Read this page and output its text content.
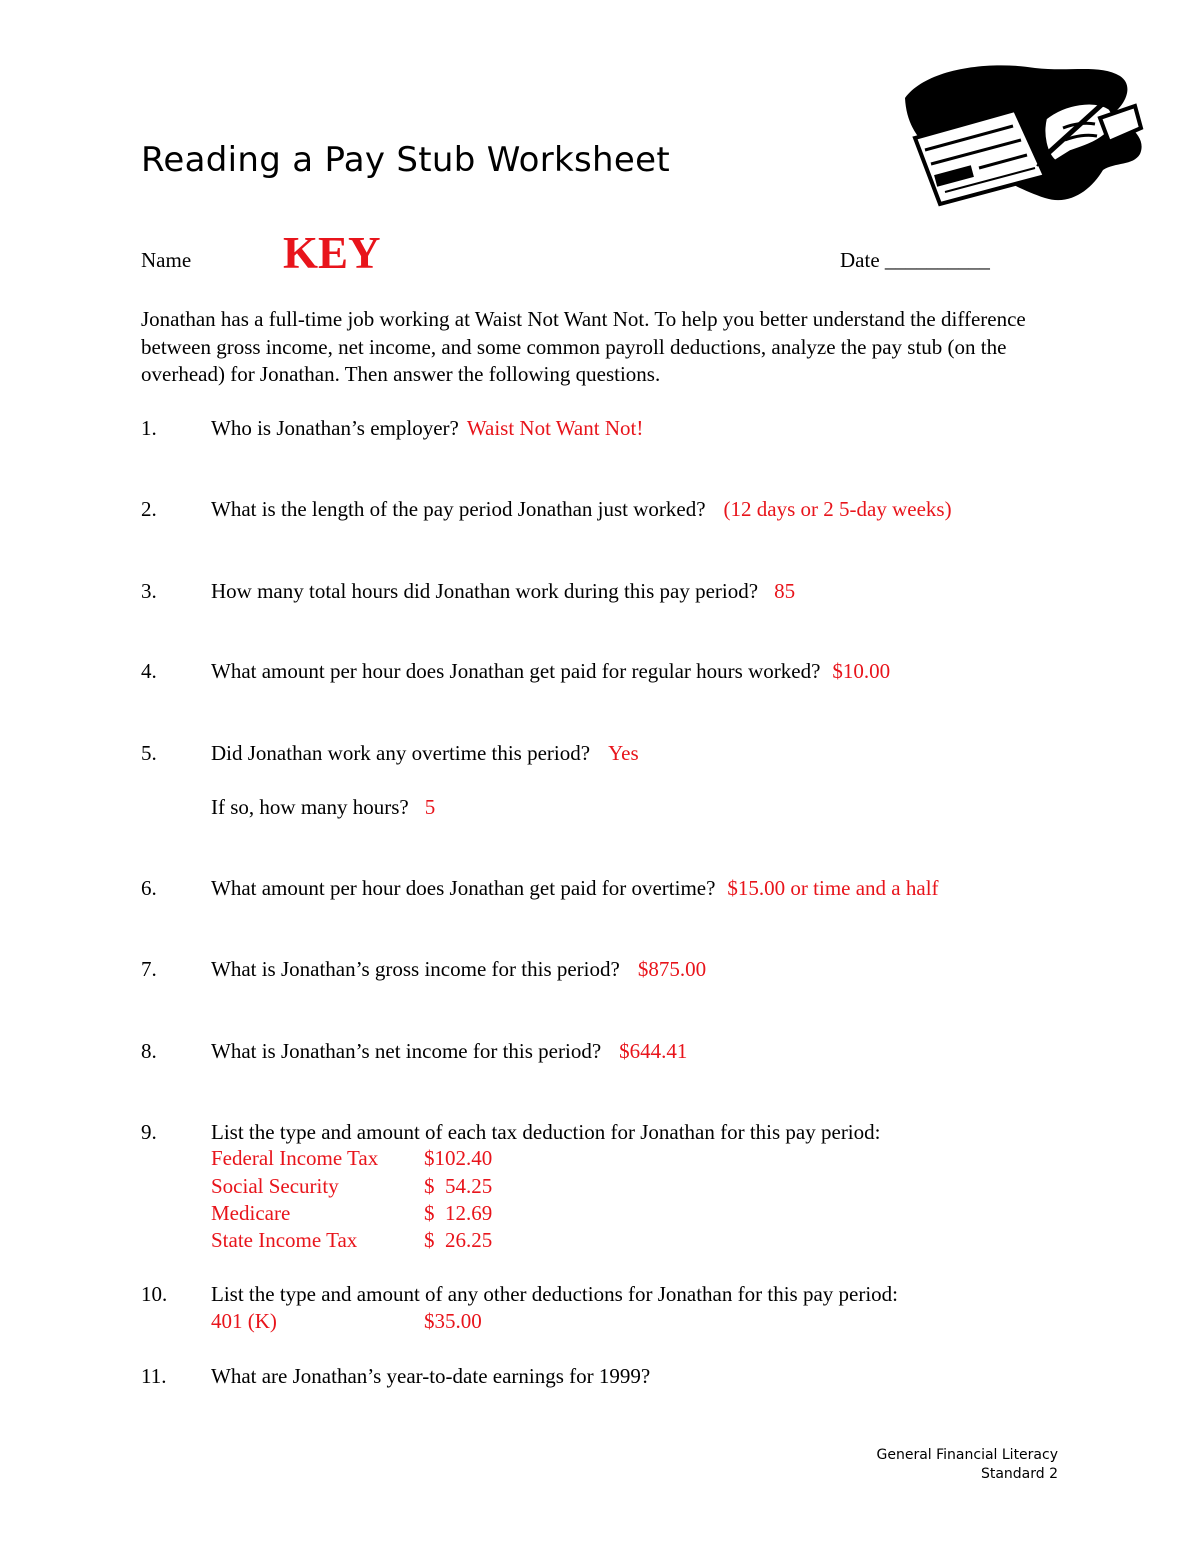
Reading a Pay Stub Worksheet
Name KEY	Date __________
Jonathan has a full-time job working at Waist Not Want Not. To help you better understand the difference between gross income, net income, and some common payroll deductions, analyze the pay stub (on the overhead) for Jonathan. Then answer the following questions.
1.	Who is Jonathan’s employer? Waist Not Want Not!
2.	What is the length of the pay period Jonathan just worked? (12 days or 2 5-day weeks)
3.	How many total hours did Jonathan work during this pay period? 85
4.	What amount per hour does Jonathan get paid for regular hours worked? $10.00
5.	Did Jonathan work any overtime this period? Yes
If so, how many hours? 5
6.	What amount per hour does Jonathan get paid for overtime? $15.00 or time and a half
7.	What is Jonathan’s gross income for this period? $875.00
8.	What is Jonathan’s net income for this period? $644.41
9.	List the type and amount of each tax deduction for Jonathan for this pay period:
Federal Income Tax $102.40
Social Security	$  54.25
Medicare	$  12.69
State Income Tax	$  26.25
10. List the type and amount of any other deductions for Jonathan for this pay period:
401 (K)	$35.00
11. What are Jonathan’s year-to-date earnings for 1999?
General Financial Literacy
Standard 2
